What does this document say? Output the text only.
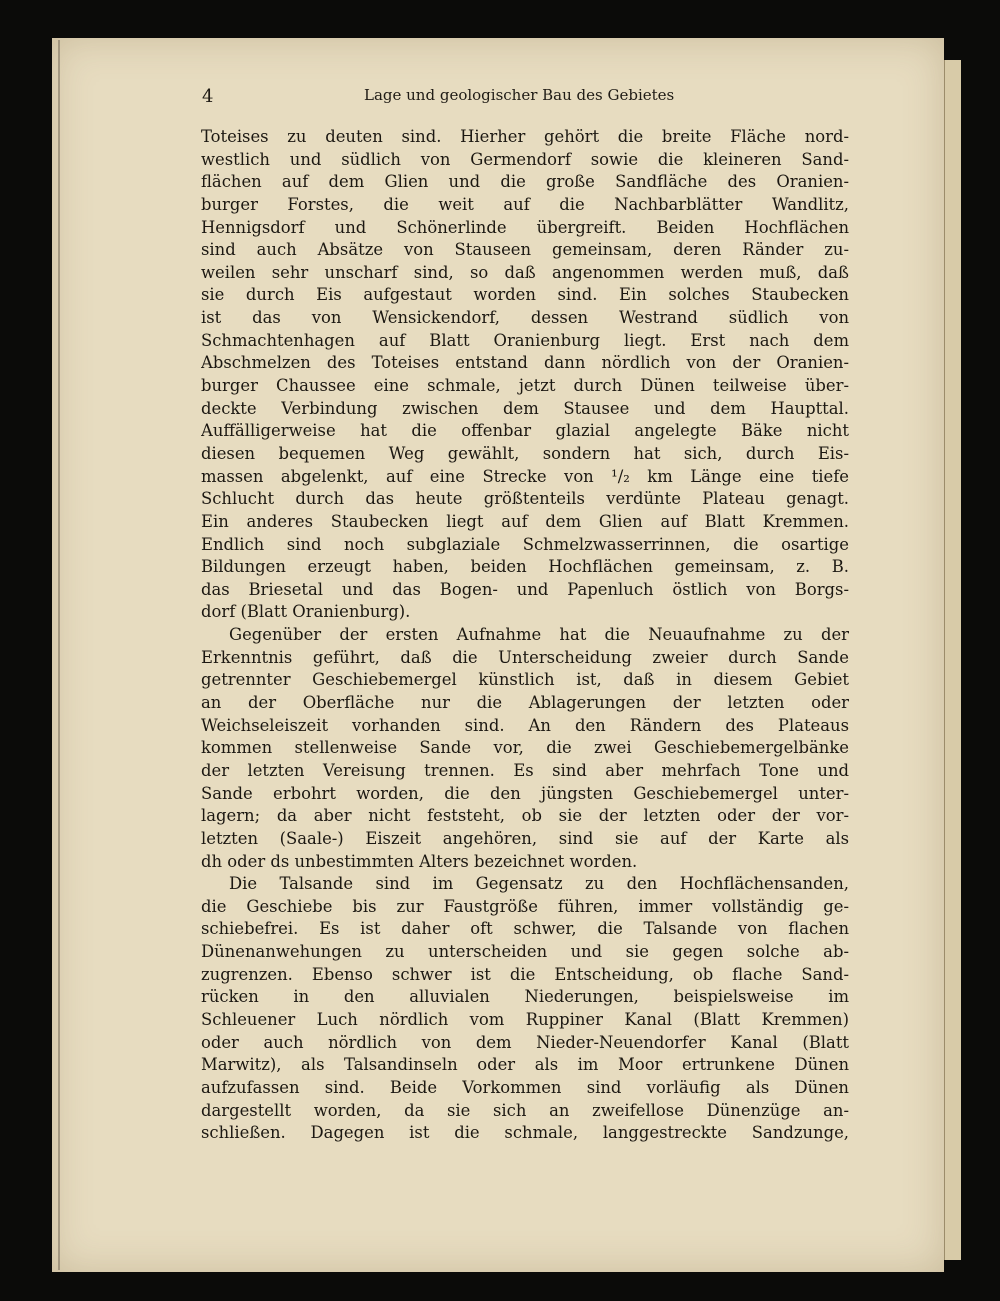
4	Lage und geologischer Bau des Gebietes
Toteises zu deuten sind. Hierher gehört die breite Fläche nord-
westlich und südlich von Germendorf sowie die kleineren Sand-
flächen auf dem Glien und die große Sandfläche des Oranien-
burger Forstes, die weit auf die Nachbarblätter Wandlitz,
Hennigsdorf und Schönerlinde übergreift. Beiden Hochflächen
sind auch Absätze von Stauseen gemeinsam, deren Ränder zu-
weilen sehr unscharf sind, so daß angenommen werden muß, daß
sie durch Eis aufgestaut worden sind. Ein solches Staubecken
ist das von Wensickendorf, dessen Westrand südlich von
Schmachtenhagen auf Blatt Oranienburg liegt. Erst nach dem
Abschmelzen des Toteises entstand dann nördlich von der Oranien-
burger Chaussee eine schmale, jetzt durch Dünen teilweise über-
deckte Verbindung zwischen dem Stausee und dem Haupttal.
Auffälligerweise hat die offenbar glazial angelegte Bäke nicht
diesen bequemen Weg gewählt, sondern hat sich, durch Eis-
massen abgelenkt, auf eine Strecke von ¹/₂ km Länge eine tiefe
Schlucht durch das heute größtenteils verdünte Plateau genagt.
Ein anderes Staubecken liegt auf dem Glien auf Blatt Kremmen.
Endlich sind noch subglaziale Schmelzwasserrinnen, die osartige
Bildungen erzeugt haben, beiden Hochflächen gemeinsam, z. B.
das Briesetal und das Bogen- und Papenluch östlich von Borgs-
dorf (Blatt Oranienburg).
Gegenüber der ersten Aufnahme hat die Neuaufnahme zu der
Erkenntnis geführt, daß die Unterscheidung zweier durch Sande
getrennter Geschiebemergel künstlich ist, daß in diesem Gebiet
an der Oberfläche nur die Ablagerungen der letzten oder
Weichseleiszeit vorhanden sind. An den Rändern des Plateaus
kommen stellenweise Sande vor, die zwei Geschiebemergelbänke
der letzten Vereisung trennen. Es sind aber mehrfach Tone und
Sande erbohrt worden, die den jüngsten Geschiebemergel unter-
lagern; da aber nicht feststeht, ob sie der letzten oder der vor-
letzten (Saale-) Eiszeit angehören, sind sie auf der Karte als
dh oder ds unbestimmten Alters bezeichnet worden.
Die Talsande sind im Gegensatz zu den Hochflächensanden,
die Geschiebe bis zur Faustgröße führen, immer vollständig ge-
schiebefrei. Es ist daher oft schwer, die Talsande von flachen
Dünenanwehungen zu unterscheiden und sie gegen solche ab-
zugrenzen. Ebenso schwer ist die Entscheidung, ob flache Sand-
rücken in den alluvialen Niederungen, beispielsweise im
Schleuener Luch nördlich vom Ruppiner Kanal (Blatt Kremmen)
oder auch nördlich von dem Nieder-Neuendorfer Kanal (Blatt
Marwitz), als Talsandinseln oder als im Moor ertrunkene Dünen
aufzufassen sind. Beide Vorkommen sind vorläufig als Dünen
dargestellt worden, da sie sich an zweifellose Dünenzüge an-
schließen. Dagegen ist die schmale, langgestreckte Sandzunge,
